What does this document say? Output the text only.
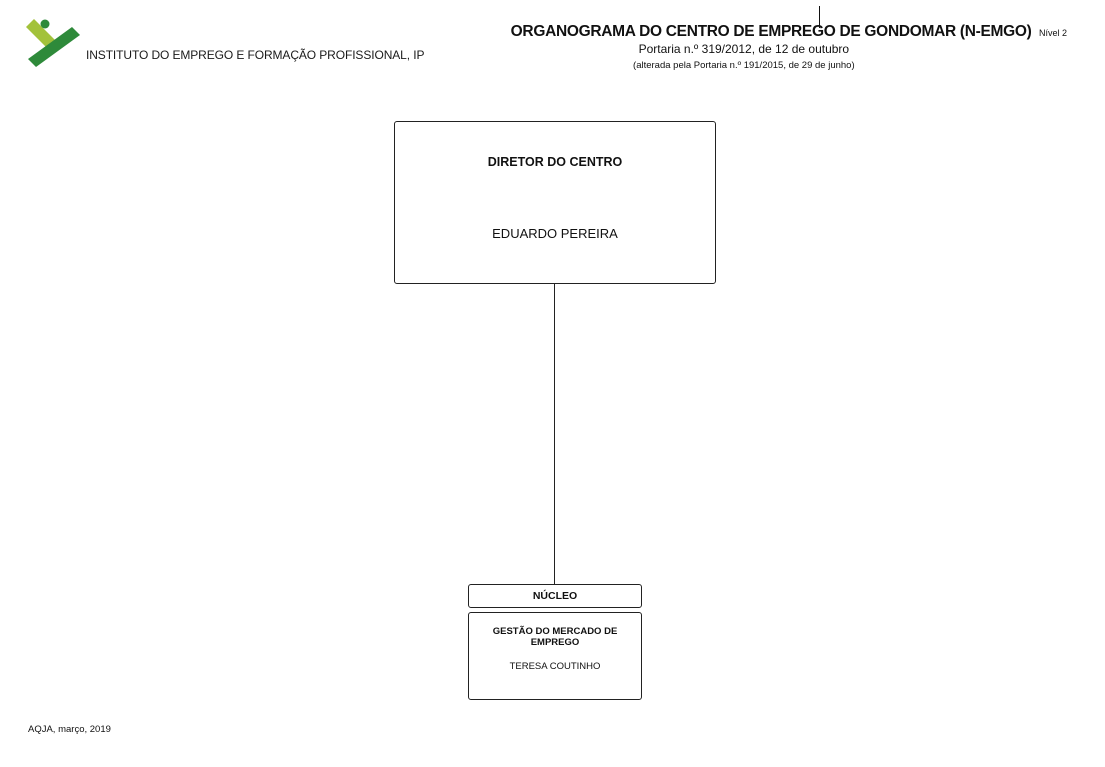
INSTITUTO DO EMPREGO E FORMAÇÃO PROFISSIONAL, IP
ORGANOGRAMA DO CENTRO DE EMPREGO DE GONDOMAR (N-EMGO) Nível 2
Portaria n.º 319/2012, de 12 de outubro
(alterada pela Portaria n.º 191/2015, de 29 de junho)
DIRETOR DO CENTRO
EDUARDO PEREIRA
NÚCLEO
GESTÃO DO MERCADO DE EMPREGO
TERESA COUTINHO
AQJA, março, 2019
